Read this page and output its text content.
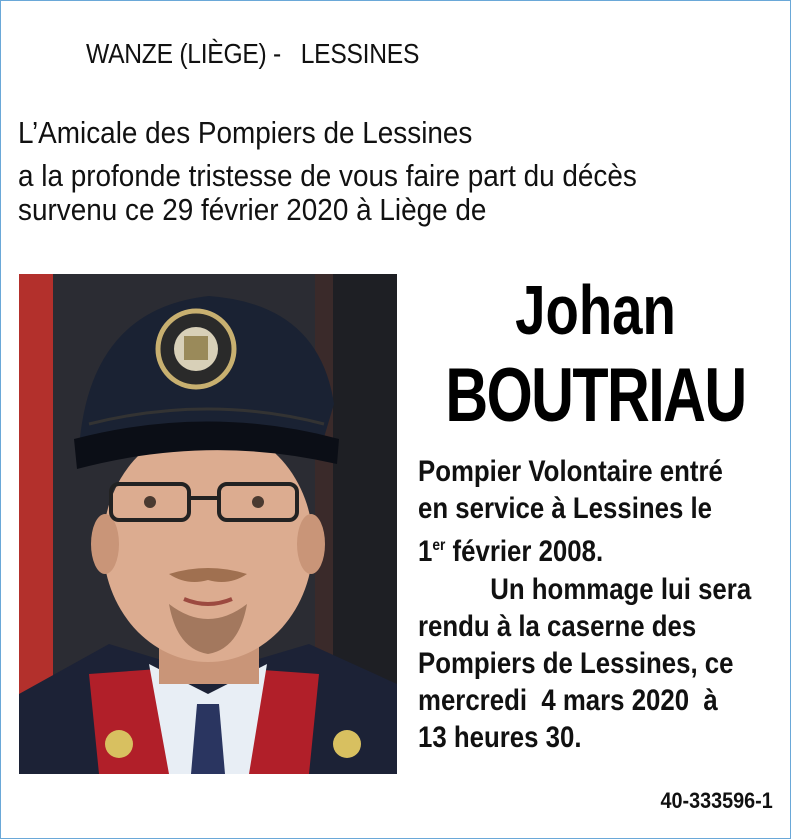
WANZE (LIÈGE) -   LESSINES
L’Amicale des Pompiers de Lessines
a la profonde tristesse de vous faire part du décès
survenu ce 29 février 2020 à Liège de
Johan
BOUTRIAU
Pompier Volontaire entré
en service à Lessines le
1er février 2008.
Un hommage lui sera
rendu à la caserne des
Pompiers de Lessines, ce
mercredi  4 mars 2020  à
13 heures 30.
40-333596-1
